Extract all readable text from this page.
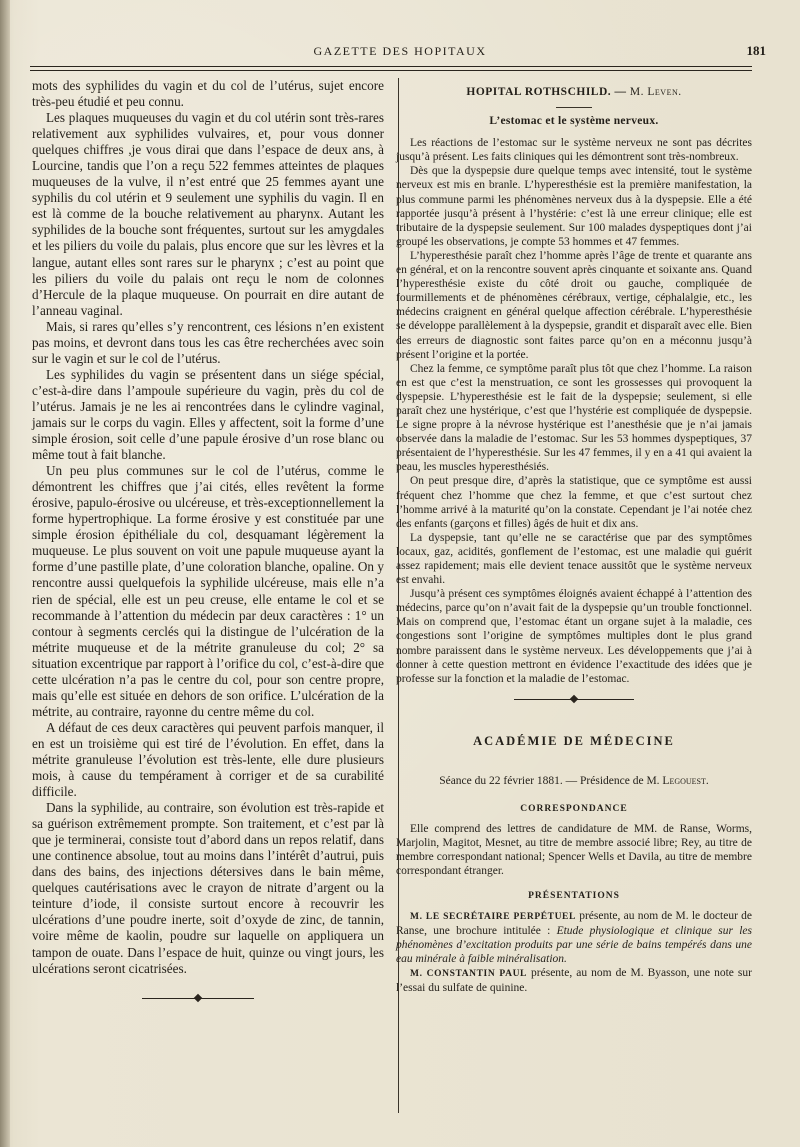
GAZETTE DES HOPITAUX	181

mots des syphilides du vagin et du col de l’utérus, sujet encore très-peu étudié et peu connu.

Les plaques muqueuses du vagin et du col utérin sont très-rares relativement aux syphilides vulvaires, et, pour vous donner quelques chiffres ,je vous dirai que dans l’espace de deux ans, à Lourcine, tandis que l’on a reçu 522 femmes atteintes de plaques muqueuses de la vulve, il n’est entré que 25 femmes ayant une syphilis du col utérin et 9 seulement une syphilis du vagin. Il en est là comme de la bouche relativement au pharynx. Autant les syphilides de la bouche sont fréquentes, surtout sur les amygdales et les piliers du voile du palais, plus encore que sur les lèvres et la langue, autant elles sont rares sur le pharynx ; c’est au point que les piliers du voile du palais ont reçu le nom de colonnes d’Hercule de la plaque muqueuse. On pourrait en dire autant de l’anneau vaginal.

Mais, si rares qu’elles s’y rencontrent, ces lésions n’en existent pas moins, et devront dans tous les cas être recherchées avec soin sur le vagin et sur le col de l’utérus.

Les syphilides du vagin se présentent dans un siége spécial, c’est-à-dire dans l’ampoule supérieure du vagin, près du col de l’utérus. Jamais je ne les ai rencontrées dans le cylindre vaginal, jamais sur le corps du vagin. Elles y affectent, soit la forme d’une simple érosion, soit celle d’une papule érosive d’un rose blanc ou même tout à fait blanche.

Un peu plus communes sur le col de l’utérus, comme le démontrent les chiffres que j’ai cités, elles revêtent la forme érosive, papulo-érosive ou ulcéreuse, et très-exceptionnellement la forme hypertrophique. La forme érosive y est constituée par une simple érosion épithéliale du col, desquamant légèrement la muqueuse. Le plus souvent on voit une papule muqueuse ayant la forme d’une pastille plate, d’une coloration blanche, opaline. On y rencontre aussi quelquefois la syphilide ulcéreuse, mais elle n’a rien de spécial, elle est un peu creuse, elle entame le col et se recommande à l’attention du médecin par deux caractères : 1° un contour à segments cerclés qui la distingue de l’ulcération de la métrite muqueuse et de la métrite granuleuse du col; 2° sa situation excentrique par rapport à l’orifice du col, c’est-à-dire que cette ulcération n’a pas le centre du col, pour son centre propre, mais qu’elle est située en dehors de son orifice. L’ulcération de la métrite, au contraire, rayonne du centre même du col.

A défaut de ces deux caractères qui peuvent parfois manquer, il en est un troisième qui est tiré de l’évolution. En effet, dans la métrite granuleuse l’évolution est très-lente, elle dure plusieurs mois, à cause du tempérament à corriger et de sa curabilité difficile.

Dans la syphilide, au contraire, son évolution est très-rapide et sa guérison extrêmement prompte. Son traitement, et c’est par là que je terminerai, consiste tout d’abord dans un repos relatif, dans une continence absolue, tout au moins dans l’intérêt d’autrui, puis dans des bains, des injections détersives dans le bain même, quelques cautérisations avec le crayon de nitrate d’argent ou la teinture d’iode, il consiste surtout encore à recouvrir les ulcérations d’une poudre inerte, soit d’oxyde de zinc, de tannin, voire même de kaolin, poudre sur laquelle on appliquera un tampon de ouate. Dans l’espace de huit, quinze ou vingt jours, les ulcérations seront cicatrisées.

HOPITAL ROTHSCHILD. — M. Leven.
L’estomac et le système nerveux.

Les réactions de l’estomac sur le système nerveux ne sont pas décrites jusqu’à présent. Les faits cliniques qui les démontrent sont très-nombreux.

Dès que la dyspepsie dure quelque temps avec intensité, tout le système nerveux est mis en branle. L’hyperesthésie est la première manifestation, la plus commune parmi les phénomènes nerveux dus à la dyspepsie. Elle a été rapportée jusqu’à présent à l’hystérie: c’est là une erreur clinique; elle est tributaire de la dyspepsie seulement. Sur 100 malades dyspeptiques dont j’ai groupé les observations, je compte 53 hommes et 47 femmes.

L’hyperesthésie paraît chez l’homme après l’âge de trente et quarante ans en général, et on la rencontre souvent après cinquante et soixante ans. Quand l’hyperesthésie existe du côté droit ou gauche, compliquée de fourmillements et de phénomènes cérébraux, vertige, céphalalgie, etc., les médecins craignent en général quelque affection cérébrale. L’hyperesthésie se développe parallèlement à la dyspepsie, grandit et disparaît avec elle. Bien des erreurs de diagnostic sont faites parce qu’on en a méconnu jusqu’à présent l’origine et la portée.

Chez la femme, ce symptôme paraît plus tôt que chez l’homme. La raison en est que c’est la menstruation, ce sont les grossesses qui provoquent la dyspepsie. L’hyperesthésie est le fait de la dyspepsie; seulement, si elle paraît chez une hystérique, c’est que l’hystérie est compliquée de dyspepsie. Le signe propre à la névrose hystérique est l’anesthésie que je n’ai jamais observée dans la maladie de l’estomac. Sur les 53 hommes dyspeptiques, 37 présentaient de l’hyperesthésie. Sur les 47 femmes, il y en a 41 qui avaient la peau, les muscles hyperesthésiés.

On peut presque dire, d’après la statistique, que ce symptôme est aussi fréquent chez l’homme que chez la femme, et que c’est surtout chez l’homme arrivé à la maturité qu’on la constate. Cependant je l’ai notée chez des enfants (garçons et filles) âgés de huit et dix ans.

La dyspepsie, tant qu’elle ne se caractérise que par des symptômes locaux, gaz, acidités, gonflement de l’estomac, est une maladie qui guérit assez rapidement; mais elle devient tenace aussitôt que le système nerveux est envahi.

Jusqu’à présent ces symptômes éloignés avaient échappé à l’attention des médecins, parce qu’on n’avait fait de la dyspepsie qu’un trouble fonctionnel. Mais on comprend que, l’estomac étant un organe sujet à la maladie, ces congestions sont l’origine de symptômes multiples dont le plus grand nombre paraissent dans le système nerveux. Les développements que j’ai à donner à cette question mettront en évidence l’exactitude des idées que je professe sur la fonction et la maladie de l’estomac.

ACADÉMIE DE MÉDECINE
Séance du 22 février 1881. — Présidence de M. Legouest.
CORRESPONDANCE

Elle comprend des lettres de candidature de MM. de Ranse, Worms, Marjolin, Magitot, Mesnet, au titre de membre associé libre; Rey, au titre de membre correspondant national; Spencer Wells et Davila, au titre de membre correspondant étranger.

PRÉSENTATIONS

M. LE SECRÉTAIRE PERPÉTUEL présente, au nom de M. le docteur de Ranse, une brochure intitulée : Etude physiologique et clinique sur les phénomènes d’excitation produits par une série de bains tempérés dans une eau minérale à faible minéralisation.

M. CONSTANTIN PAUL présente, au nom de M. Byasson, une note sur l’essai du sulfate de quinine.
